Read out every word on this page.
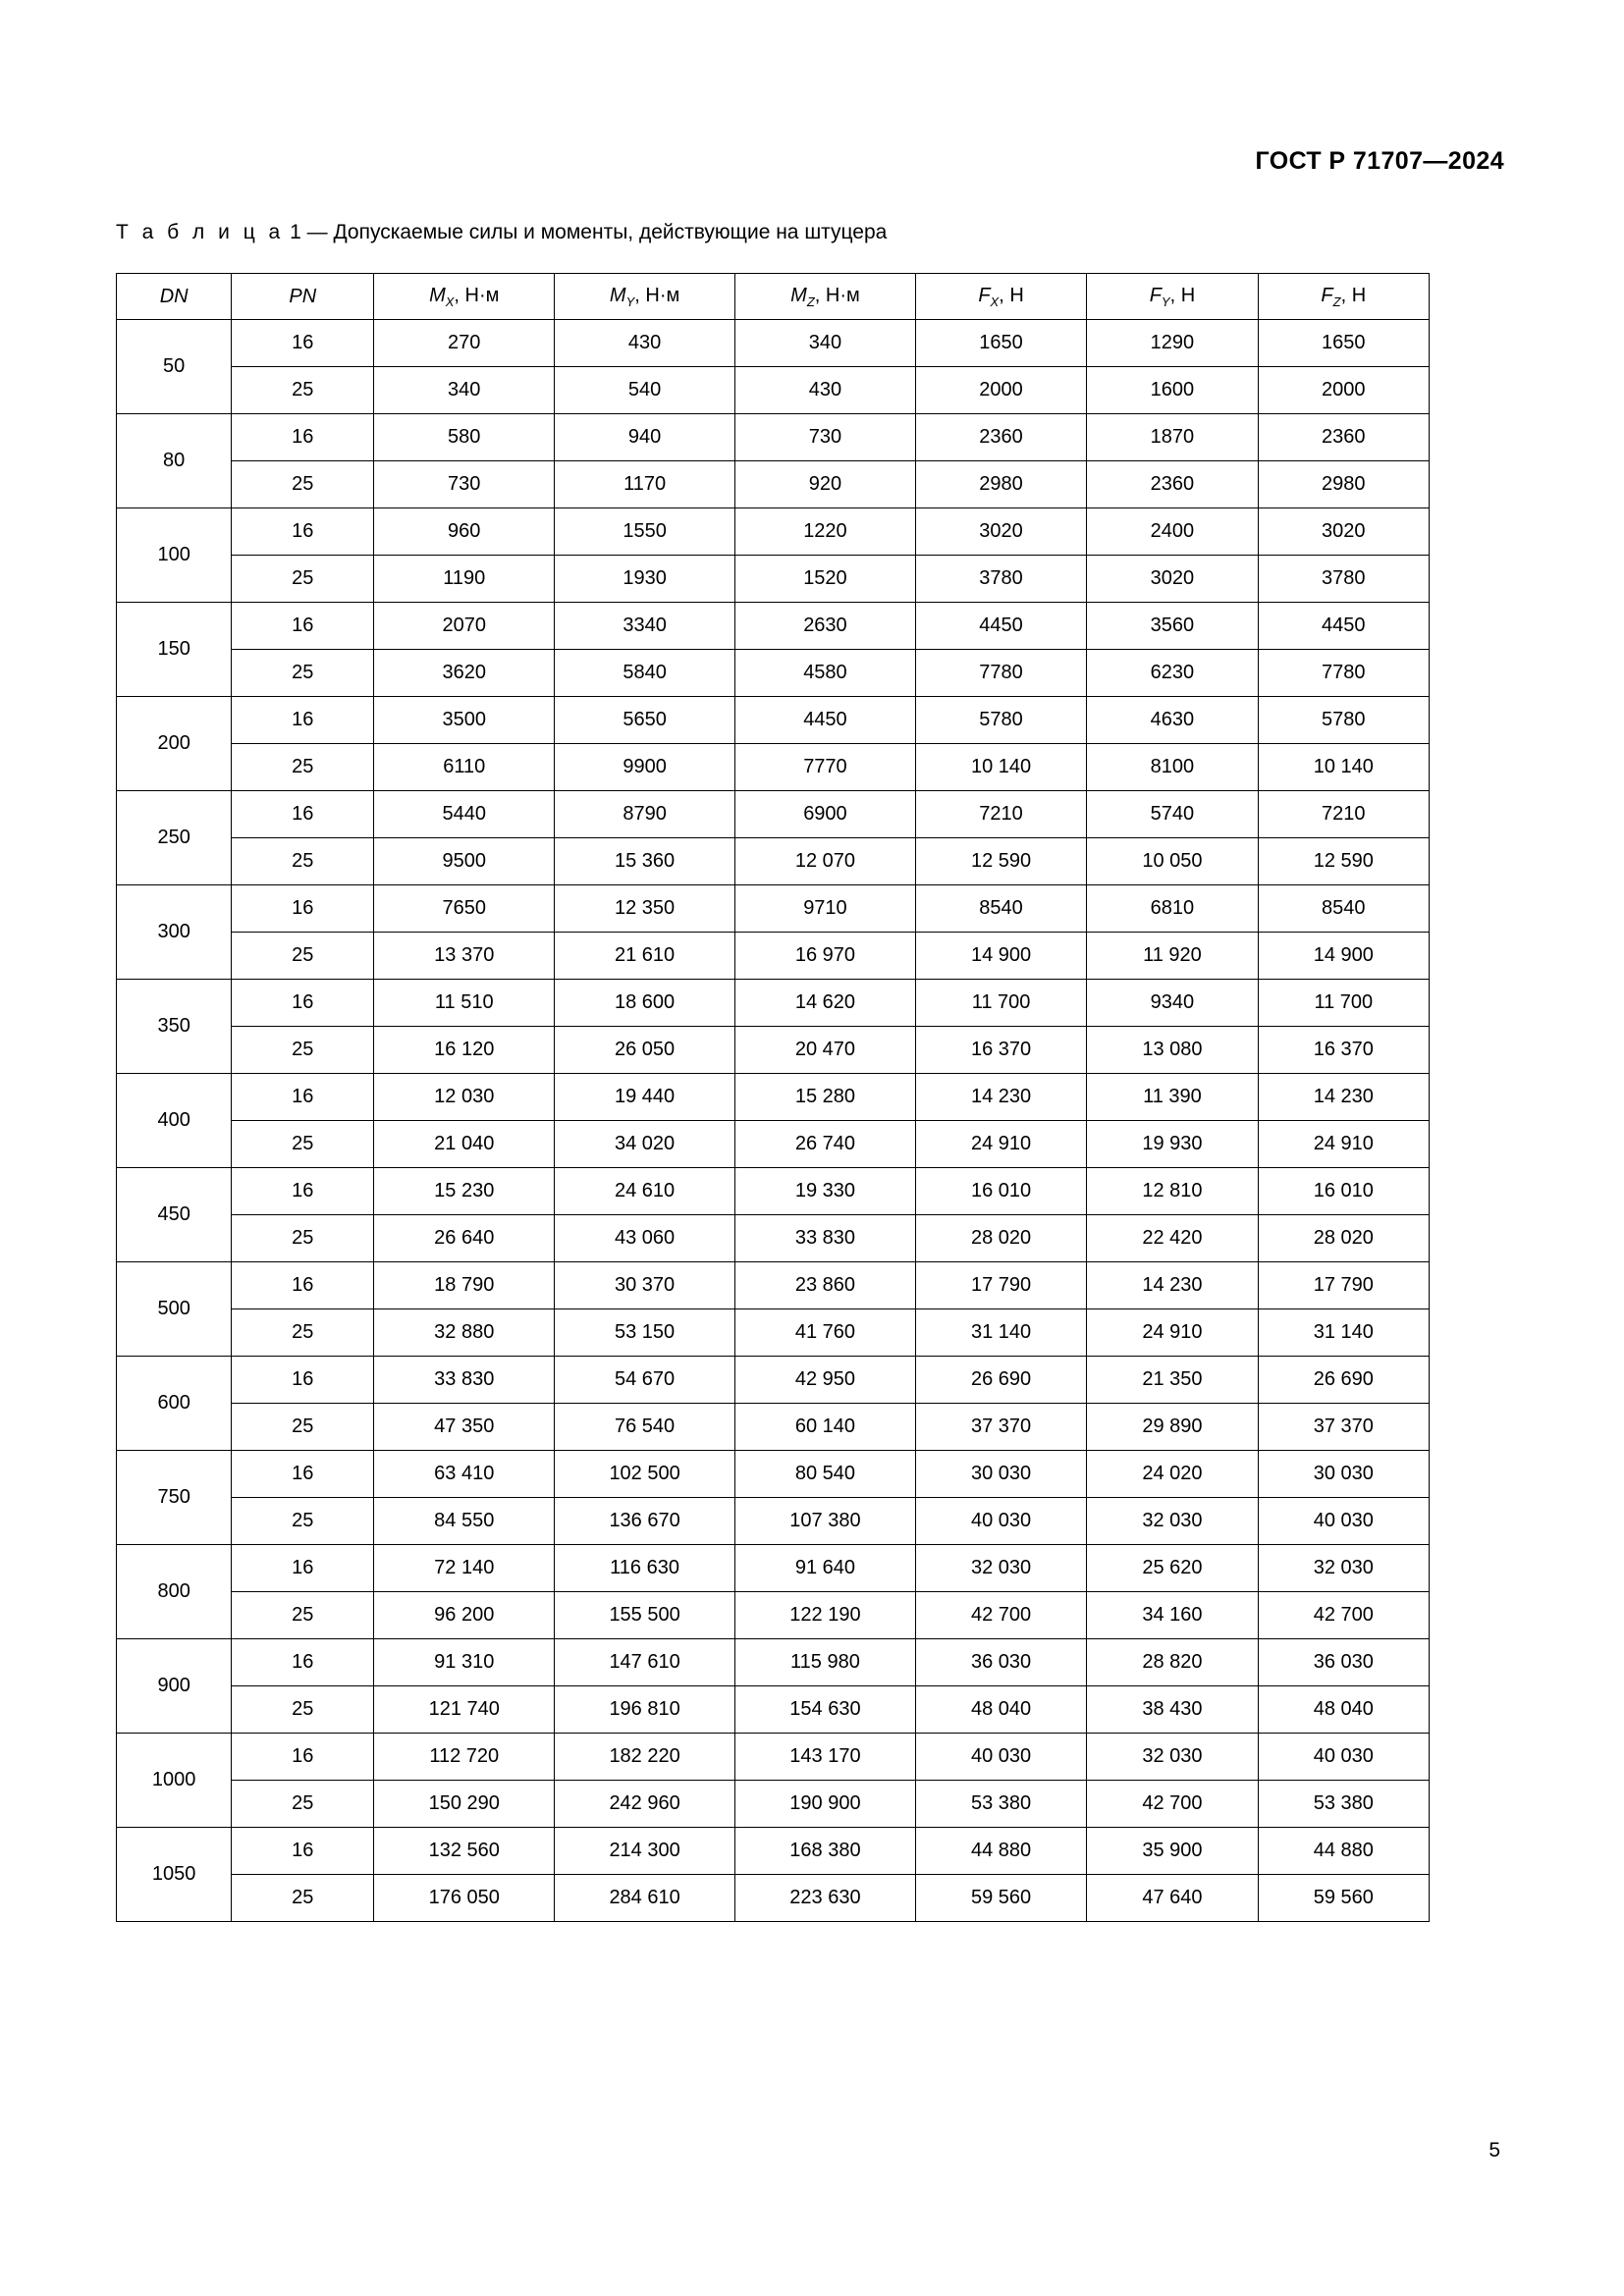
ГОСТ Р 71707—2024
Т а б л и ц а 1 — Допускаемые силы и моменты, действующие на штуцера
DN	PN	$M_X$, Н·м	$M_Y$, Н·м	$M_Z$, Н·м	$F_X$, Н	$F_Y$, Н	$F_Z$, Н
50	16	270	430	340	1650	1290	1650
	25	340	540	430	2000	1600	2000
80	16	580	940	730	2360	1870	2360
	25	730	1170	920	2980	2360	2980
100	16	960	1550	1220	3020	2400	3020
	25	1190	1930	1520	3780	3020	3780
150	16	2070	3340	2630	4450	3560	4450
	25	3620	5840	4580	7780	6230	7780
200	16	3500	5650	4450	5780	4630	5780
	25	6110	9900	7770	10 140	8100	10 140
250	16	5440	8790	6900	7210	5740	7210
	25	9500	15 360	12 070	12 590	10 050	12 590
300	16	7650	12 350	9710	8540	6810	8540
	25	13 370	21 610	16 970	14 900	11 920	14 900
350	16	11 510	18 600	14 620	11 700	9340	11 700
	25	16 120	26 050	20 470	16 370	13 080	16 370
400	16	12 030	19 440	15 280	14 230	11 390	14 230
	25	21 040	34 020	26 740	24 910	19 930	24 910
450	16	15 230	24 610	19 330	16 010	12 810	16 010
	25	26 640	43 060	33 830	28 020	22 420	28 020
500	16	18 790	30 370	23 860	17 790	14 230	17 790
	25	32 880	53 150	41 760	31 140	24 910	31 140
600	16	33 830	54 670	42 950	26 690	21 350	26 690
	25	47 350	76 540	60 140	37 370	29 890	37 370
750	16	63 410	102 500	80 540	30 030	24 020	30 030
	25	84 550	136 670	107 380	40 030	32 030	40 030
800	16	72 140	116 630	91 640	32 030	25 620	32 030
	25	96 200	155 500	122 190	42 700	34 160	42 700
900	16	91 310	147 610	115 980	36 030	28 820	36 030
	25	121 740	196 810	154 630	48 040	38 430	48 040
1000	16	112 720	182 220	143 170	40 030	32 030	40 030
	25	150 290	242 960	190 900	53 380	42 700	53 380
1050	16	132 560	214 300	168 380	44 880	35 900	44 880
	25	176 050	284 610	223 630	59 560	47 640	59 560
5
